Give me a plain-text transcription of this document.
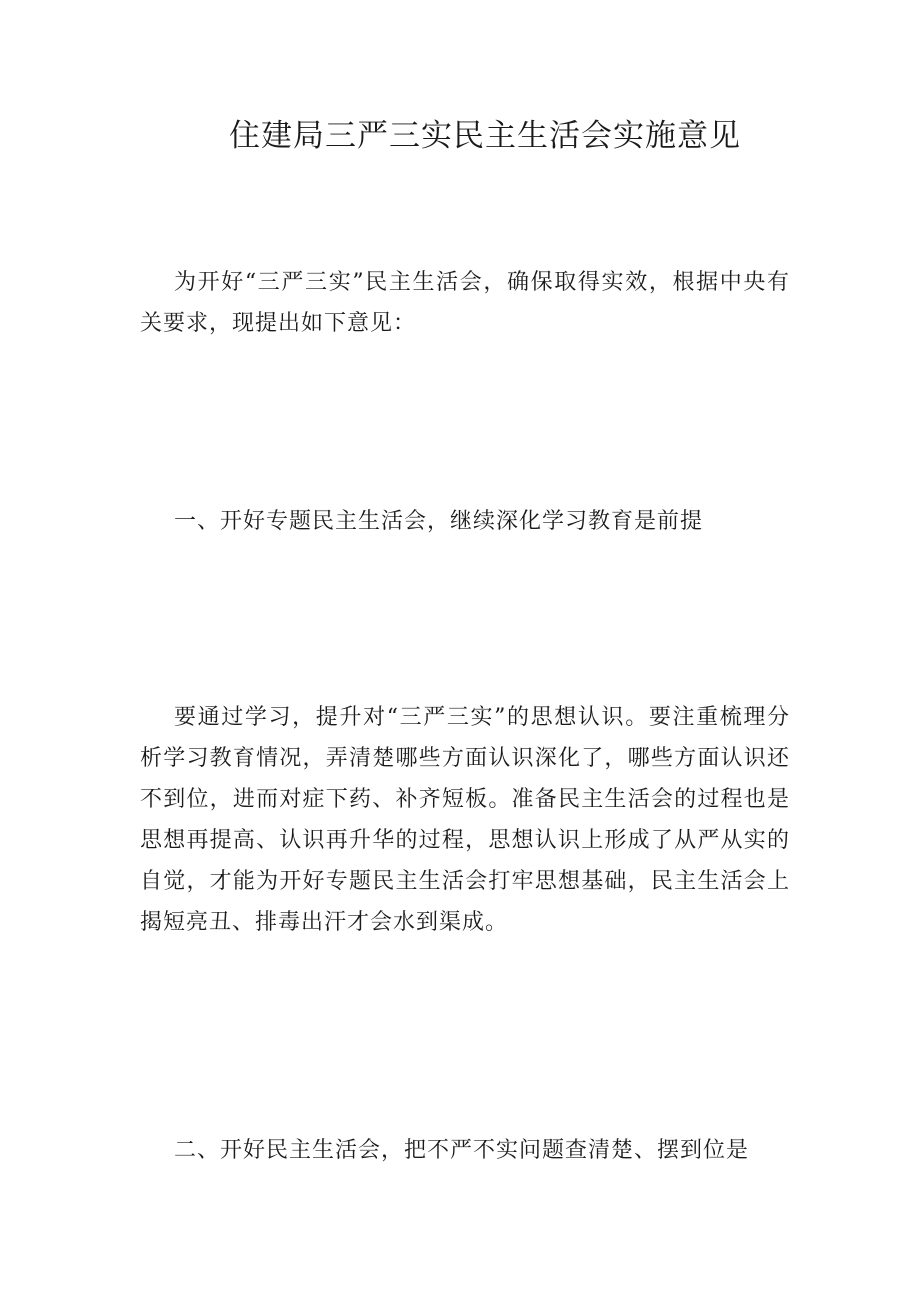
住建局三严三实民主生活会实施意见

为开好“三严三实”民主生活会，确保取得实效，根据中央有关要求，现提出如下意见：

一、开好专题民主生活会，继续深化学习教育是前提

要通过学习，提升对“三严三实”的思想认识。要注重梳理分析学习教育情况，弄清楚哪些方面认识深化了，哪些方面认识还不到位，进而对症下药、补齐短板。准备民主生活会的过程也是思想再提高、认识再升华的过程，思想认识上形成了从严从实的自觉，才能为开好专题民主生活会打牢思想基础，民主生活会上揭短亮丑、排毒出汗才会水到渠成。

二、开好民主生活会，把不严不实问题查清楚、摆到位是
